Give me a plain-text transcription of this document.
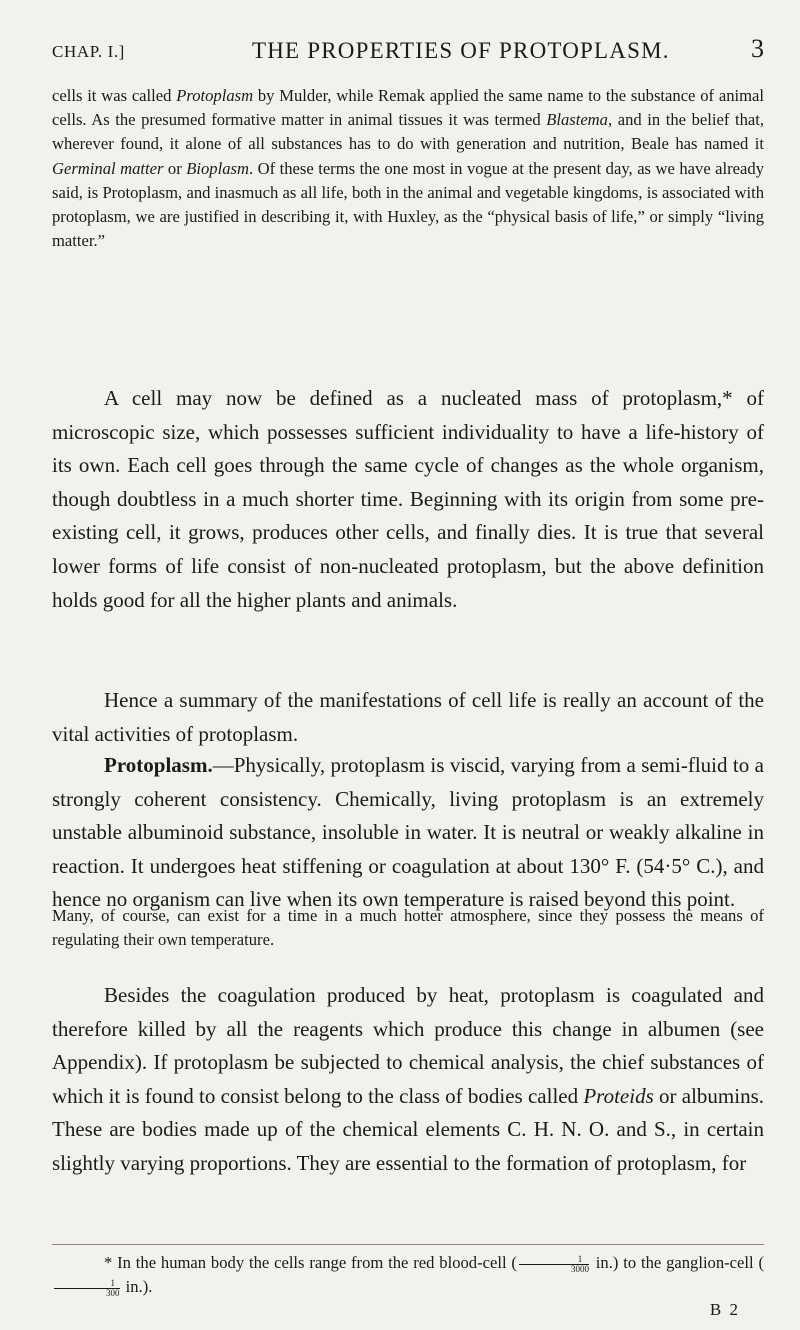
CHAP. I.]	THE PROPERTIES OF PROTOPLASM.	3

cells it was called Protoplasm by Mulder, while Remak applied the same name to the substance of animal cells. As the presumed formative matter in animal tissues it was termed Blastema, and in the belief that, wherever found, it alone of all substances has to do with generation and nutrition, Beale has named it Germinal matter or Bioplasm. Of these terms the one most in vogue at the present day, as we have already said, is Protoplasm, and inasmuch as all life, both in the animal and vegetable kingdoms, is associated with protoplasm, we are justified in describing it, with Huxley, as the “physical basis of life,” or simply “living matter.”

A cell may now be defined as a nucleated mass of protoplasm,* of microscopic size, which possesses sufficient individuality to have a life-history of its own. Each cell goes through the same cycle of changes as the whole organism, though doubtless in a much shorter time. Beginning with its origin from some pre-existing cell, it grows, produces other cells, and finally dies. It is true that several lower forms of life consist of non-nucleated protoplasm, but the above definition holds good for all the higher plants and animals.

Hence a summary of the manifestations of cell life is really an account of the vital activities of protoplasm.

Protoplasm.—Physically, protoplasm is viscid, varying from a semi-fluid to a strongly coherent consistency. Chemically, living protoplasm is an extremely unstable albuminoid substance, insoluble in water. It is neutral or weakly alkaline in reaction. It undergoes heat stiffening or coagulation at about 130° F. (54·5° C.), and hence no organism can live when its own temperature is raised beyond this point.

Many, of course, can exist for a time in a much hotter atmosphere, since they possess the means of regulating their own temperature.

Besides the coagulation produced by heat, protoplasm is coagulated and therefore killed by all the reagents which produce this change in albumen (see Appendix). If protoplasm be subjected to chemical analysis, the chief substances of which it is found to consist belong to the class of bodies called Proteids or albumins. These are bodies made up of the chemical elements C. H. N. O. and S., in certain slightly varying proportions. They are essential to the formation of protoplasm, for

* In the human body the cells range from the red blood-cell ( $\frac{1}{3000} in$.) to the ganglion-cell (
$\frac{1}{300} in$.).

B 2
